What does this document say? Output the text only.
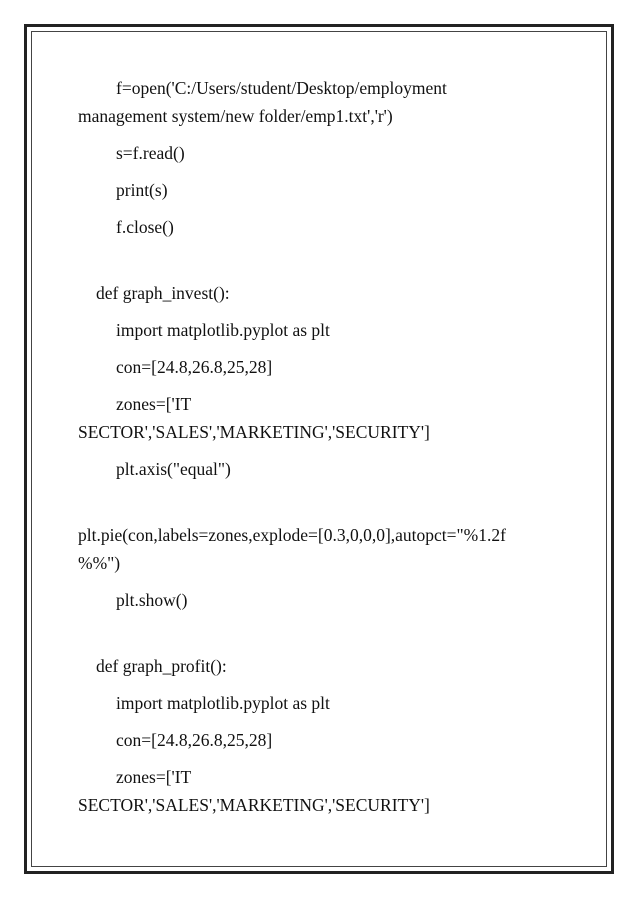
f=open('C:/Users/student/Desktop/employment
management system/new folder/emp1.txt','r')
s=f.read()
print(s)
f.close()
def graph_invest():
import matplotlib.pyplot as plt
con=[24.8,26.8,25,28]
zones=['IT
SECTOR','SALES','MARKETING','SECURITY']
plt.axis("equal")
plt.pie(con,labels=zones,explode=[0.3,0,0,0],autopct="%1.2f
%%")
plt.show()
def graph_profit():
import matplotlib.pyplot as plt
con=[24.8,26.8,25,28]
zones=['IT
SECTOR','SALES','MARKETING','SECURITY']
